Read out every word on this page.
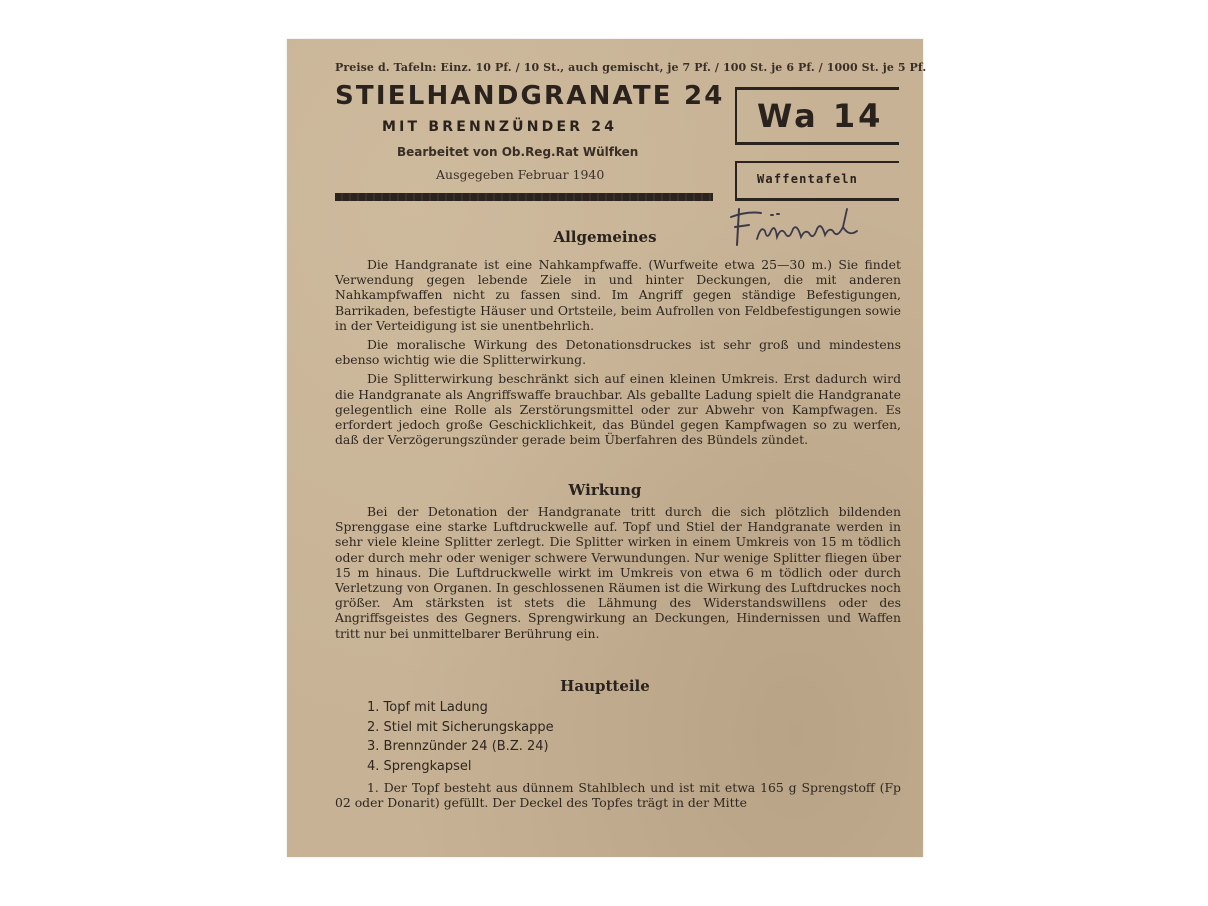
Preise d. Tafeln: Einz. 10 Pf. / 10 St., auch gemischt, je 7 Pf. / 100 St. je 6 Pf. / 1000 St. je 5 Pf.
STIELHANDGRANATE 24
MIT BRENNZÜNDER 24
Bearbeitet von Ob.Reg.Rat Wülfken
Ausgegeben Februar 1940
Wa 14
Waffentafeln
Allgemeines

Die Handgranate ist eine Nahkampfwaffe. (Wurfweite etwa 25—30 m.) Sie findet Verwendung gegen lebende Ziele in und hinter Deckungen, die mit anderen Nahkampfwaffen nicht zu fassen sind. Im Angriff gegen ständige Befestigungen, Barrikaden, befestigte Häuser und Ortsteile, beim Aufrollen von Feldbefestigungen sowie in der Verteidigung ist sie unentbehrlich.

Die moralische Wirkung des Detonationsdruckes ist sehr groß und mindestens ebenso wichtig wie die Splitterwirkung.

Die Splitterwirkung beschränkt sich auf einen kleinen Umkreis. Erst dadurch wird die Handgranate als Angriffswaffe brauchbar. Als geballte Ladung spielt die Handgranate gelegentlich eine Rolle als Zerstörungsmittel oder zur Abwehr von Kampfwagen. Es erfordert jedoch große Geschicklichkeit, das Bündel gegen Kampfwagen so zu werfen, daß der Verzögerungszünder gerade beim Überfahren des Bündels zündet.

Wirkung

Bei der Detonation der Handgranate tritt durch die sich plötzlich bildenden Sprenggase eine starke Luftdruckwelle auf. Topf und Stiel der Handgranate werden in sehr viele kleine Splitter zerlegt. Die Splitter wirken in einem Umkreis von 15 m tödlich oder durch mehr oder weniger schwere Verwundungen. Nur wenige Splitter fliegen über 15 m hinaus. Die Luftdruckwelle wirkt im Umkreis von etwa 6 m tödlich oder durch Verletzung von Organen. In geschlossenen Räumen ist die Wirkung des Luftdruckes noch größer. Am stärksten ist stets die Lähmung des Widerstandswillens oder des Angriffsgeistes des Gegners. Sprengwirkung an Deckungen, Hindernissen und Waffen tritt nur bei unmittelbarer Berührung ein.

Hauptteile
1. Topf mit Ladung
2. Stiel mit Sicherungskappe
3. Brennzünder 24 (B.Z. 24)
4. Sprengkapsel

1. Der Topf besteht aus dünnem Stahlblech und ist mit etwa 165 g Sprengstoff (Fp 02 oder Donarit) gefüllt. Der Deckel des Topfes trägt in der Mitte
